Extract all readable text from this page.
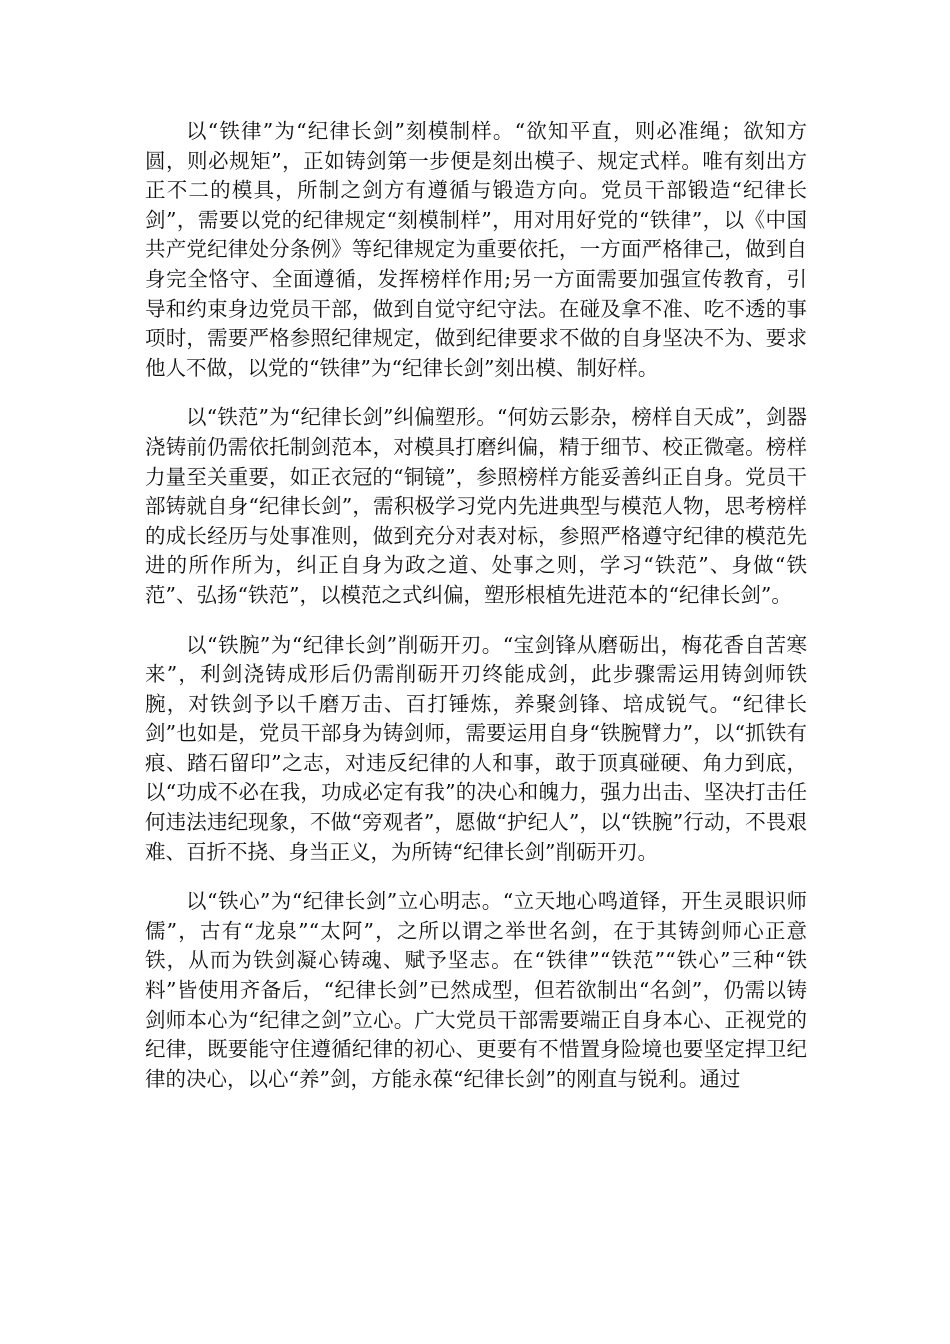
以“铁律”为“纪律长剑”刻模制样。“欲知平直，则必准绳；欲知方圆，则必规矩”，正如铸剑第一步便是刻出模子、规定式样。唯有刻出方正不二的模具，所制之剑方有遵循与锻造方向。党员干部锻造“纪律长剑”，需要以党的纪律规定“刻模制样”，用对用好党的“铁律”，以《中国共产党纪律处分条例》等纪律规定为重要依托，一方面严格律己，做到自身完全恪守、全面遵循，发挥榜样作用;另一方面需要加强宣传教育，引导和约束身边党员干部，做到自觉守纪守法。在碰及拿不准、吃不透的事项时，需要严格参照纪律规定，做到纪律要求不做的自身坚决不为、要求他人不做，以党的“铁律”为“纪律长剑”刻出模、制好样。

以“铁范”为“纪律长剑”纠偏塑形。“何妨云影杂，榜样自天成”，剑器浇铸前仍需依托制剑范本，对模具打磨纠偏，精于细节、校正微毫。榜样力量至关重要，如正衣冠的“铜镜”，参照榜样方能妥善纠正自身。党员干部铸就自身“纪律长剑”，需积极学习党内先进典型与模范人物，思考榜样的成长经历与处事准则，做到充分对表对标，参照严格遵守纪律的模范先进的所作所为，纠正自身为政之道、处事之则，学习“铁范”、身做“铁范”、弘扬“铁范”，以模范之式纠偏，塑形根植先进范本的“纪律长剑”。

以“铁腕”为“纪律长剑”削砺开刃。“宝剑锋从磨砺出，梅花香自苦寒来”，利剑浇铸成形后仍需削砺开刃终能成剑，此步骤需运用铸剑师铁腕，对铁剑予以千磨万击、百打锤炼，养聚剑锋、培成锐气。“纪律长剑”也如是，党员干部身为铸剑师，需要运用自身“铁腕臂力”，以“抓铁有痕、踏石留印”之志，对违反纪律的人和事，敢于顶真碰硬、角力到底，以“功成不必在我，功成必定有我”的决心和魄力，强力出击、坚决打击任何违法违纪现象，不做“旁观者”，愿做“护纪人”，以“铁腕”行动，不畏艰难、百折不挠、身当正义，为所铸“纪律长剑”削砺开刃。

以“铁心”为“纪律长剑”立心明志。“立天地心鸣道铎，开生灵眼识师儒”，古有“龙泉”“太阿”，之所以谓之举世名剑，在于其铸剑师心正意铁，从而为铁剑凝心铸魂、赋予坚志。在“铁律”“铁范”“铁心”三种“铁料”皆使用齐备后，“纪律长剑”已然成型，但若欲制出“名剑”，仍需以铸剑师本心为“纪律之剑”立心。广大党员干部需要端正自身本心、正视党的纪律，既要能守住遵循纪律的初心、更要有不惜置身险境也要坚定捍卫纪律的决心，以心“养”剑，方能永葆“纪律长剑”的刚直与锐利。通过
